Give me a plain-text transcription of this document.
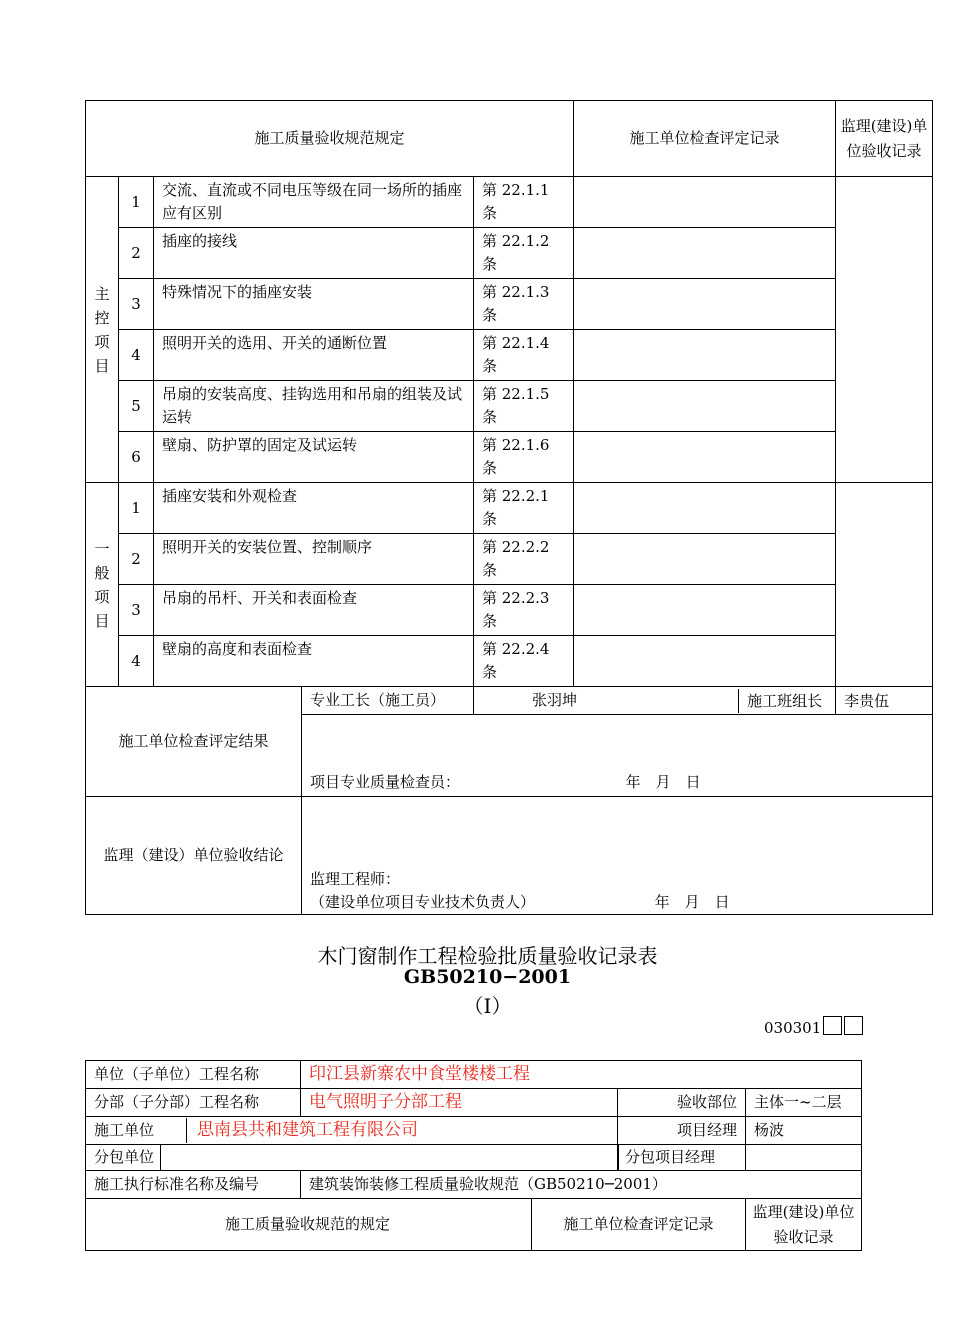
施工质量验收规范规定					施工单位检查评定记录	监理(建设)单位验收记录

主
控
项
目	1	交流、直流或不同电压等级在同一场所的插座应有区别		第 22.1.1 条		
	2	插座的接线		第 22.1.2 条		
	3	特殊情况下的插座安装		第 22.1.3 条		
	4	照明开关的选用、开关的通断位置		第 22.1.4 条		
	5	吊扇的安装高度、挂钩选用和吊扇的组装及试运转		第 22.1.5 条		
	6	壁扇、防护罩的固定及试运转		第 22.1.6 条		

一
般
项
目	1	插座安装和外观检查		第 22.2.1 条		
	2	照明开关的安装位置、控制顺序		第 22.2.2 条		
	3	吊扇的吊杆、开关和表面检查		第 22.2.3 条		
	4	壁扇的高度和表面检查		第 22.2.4 条		
施工单位检查评定结果			专业工长（施工员）	张羽坤		施工班组长 李贵伍

			项目专业质量检查员： 年　月　日			
监理（建设）单位验收结论			监理工程师：
（建设单位项目专业技术负责人） 年　月　日			
木门窗制作工程检验批质量验收记录表
GB50210−2001
（Ⅰ）
030301
单位（子单位）工程名称	印江县新寨农中食堂楼楼工程			
分部（子分部）工程名称	电气照明子分部工程		验收部位	主体一~二层

施工单位 思南县共和建筑工程有限公司			项目经理	杨波

分包单位 分包项目经理				

施工执行标准名称及编号	建筑装饰装修工程质量验收规范（GB50210─2001）			
施工质量验收规范的规定		施工单位检查评定记录		监理(建设)单位验收记录
